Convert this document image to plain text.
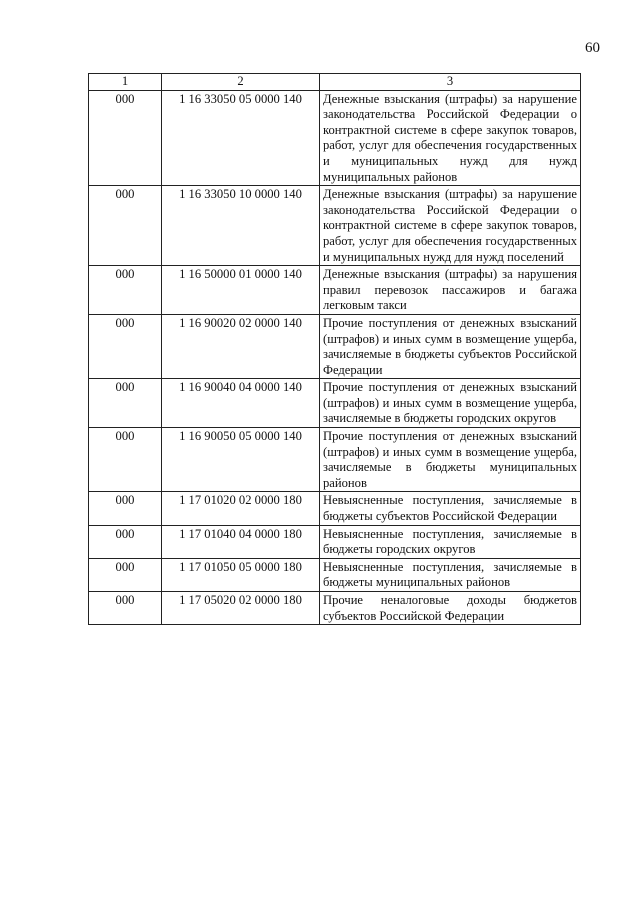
60
1	2	3
000	1 16 33050 05 0000 140	Денежные взыскания (штрафы) за нарушение законодательства Российской Федерации о контрактной системе в сфере закупок товаров, работ, услуг для обеспечения государственных и муниципальных нужд для нужд муниципальных районов
000	1 16 33050 10 0000 140	Денежные взыскания (штрафы) за нарушение законодательства Российской Федерации о контрактной системе в сфере закупок товаров, работ, услуг для обеспечения государственных и муниципальных нужд для нужд поселений
000	1 16 50000 01 0000 140	Денежные взыскания (штрафы) за нарушения правил перевозок пассажиров и багажа легковым такси
000	1 16 90020 02 0000 140	Прочие поступления от денежных взысканий (штрафов) и иных сумм в возмещение ущерба, зачисляемые в бюджеты субъектов Российской Федерации
000	1 16 90040 04 0000 140	Прочие поступления от денежных взысканий (штрафов) и иных сумм в возмещение ущерба, зачисляемые в бюджеты городских округов
000	1 16 90050 05 0000 140	Прочие поступления от денежных взысканий (штрафов) и иных сумм в возмещение ущерба, зачисляемые в бюджеты муниципальных районов
000	1 17 01020 02 0000 180	Невыясненные поступления, зачисляемые в бюджеты субъектов Российской Федерации
000	1 17 01040 04 0000 180	Невыясненные поступления, зачисляемые в бюджеты городских округов
000	1 17 01050 05 0000 180	Невыясненные поступления, зачисляемые в бюджеты муниципальных районов
000	1 17 05020 02 0000 180	Прочие неналоговые доходы бюджетов субъектов Российской Федерации
